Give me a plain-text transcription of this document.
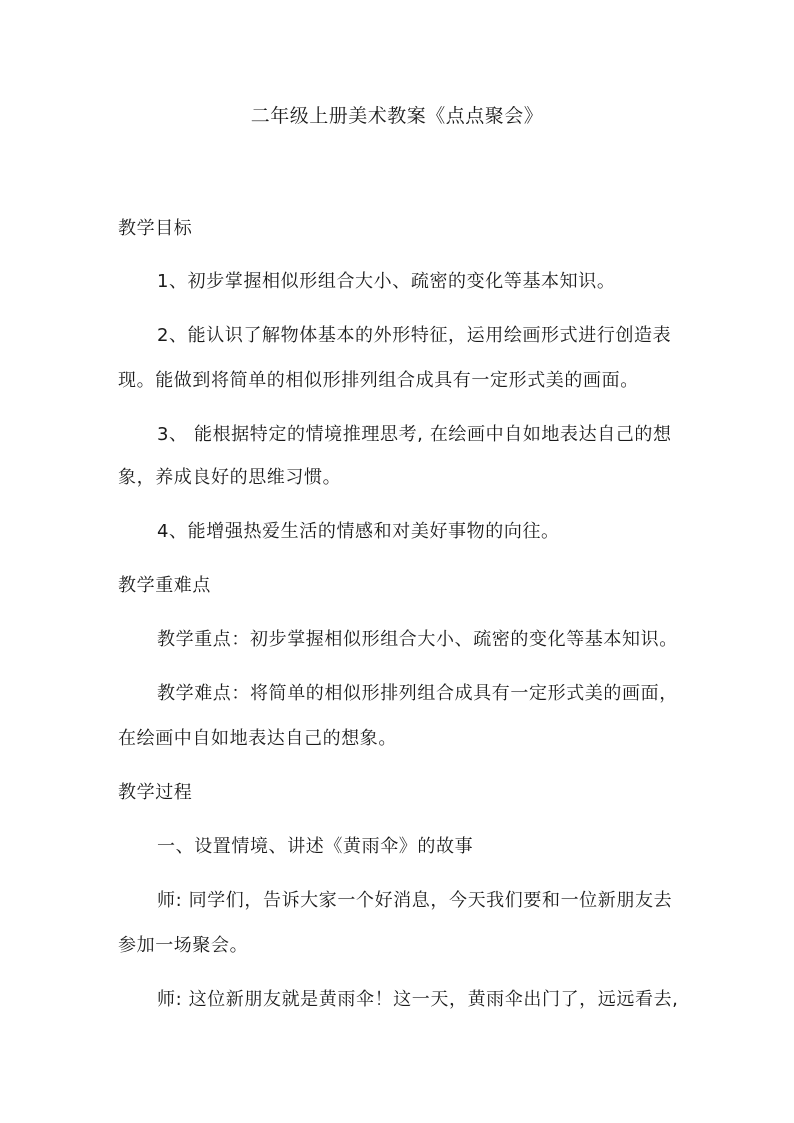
二年级上册美术教案《点点聚会》

教学目标

1、初步掌握相似形组合大小、疏密的变化等基本知识。

2、能认识了解物体基本的外形特征，运用绘画形式进行创造表

现。能做到将简单的相似形排列组合成具有一定形式美的画面。

3、 能根据特定的情境推理思考, 在绘画中自如地表达自己的想

象，养成良好的思维习惯。

4、能增强热爱生活的情感和对美好事物的向往。

教学重难点

教学重点：初步掌握相似形组合大小、疏密的变化等基本知识。

教学难点：将简单的相似形排列组合成具有一定形式美的画面，

在绘画中自如地表达自己的想象。

教学过程

一、设置情境、讲述《黄雨伞》的故事

师: 同学们，告诉大家一个好消息，今天我们要和一位新朋友去

参加一场聚会。

师: 这位新朋友就是黄雨伞！这一天，黄雨伞出门了，远远看去,
